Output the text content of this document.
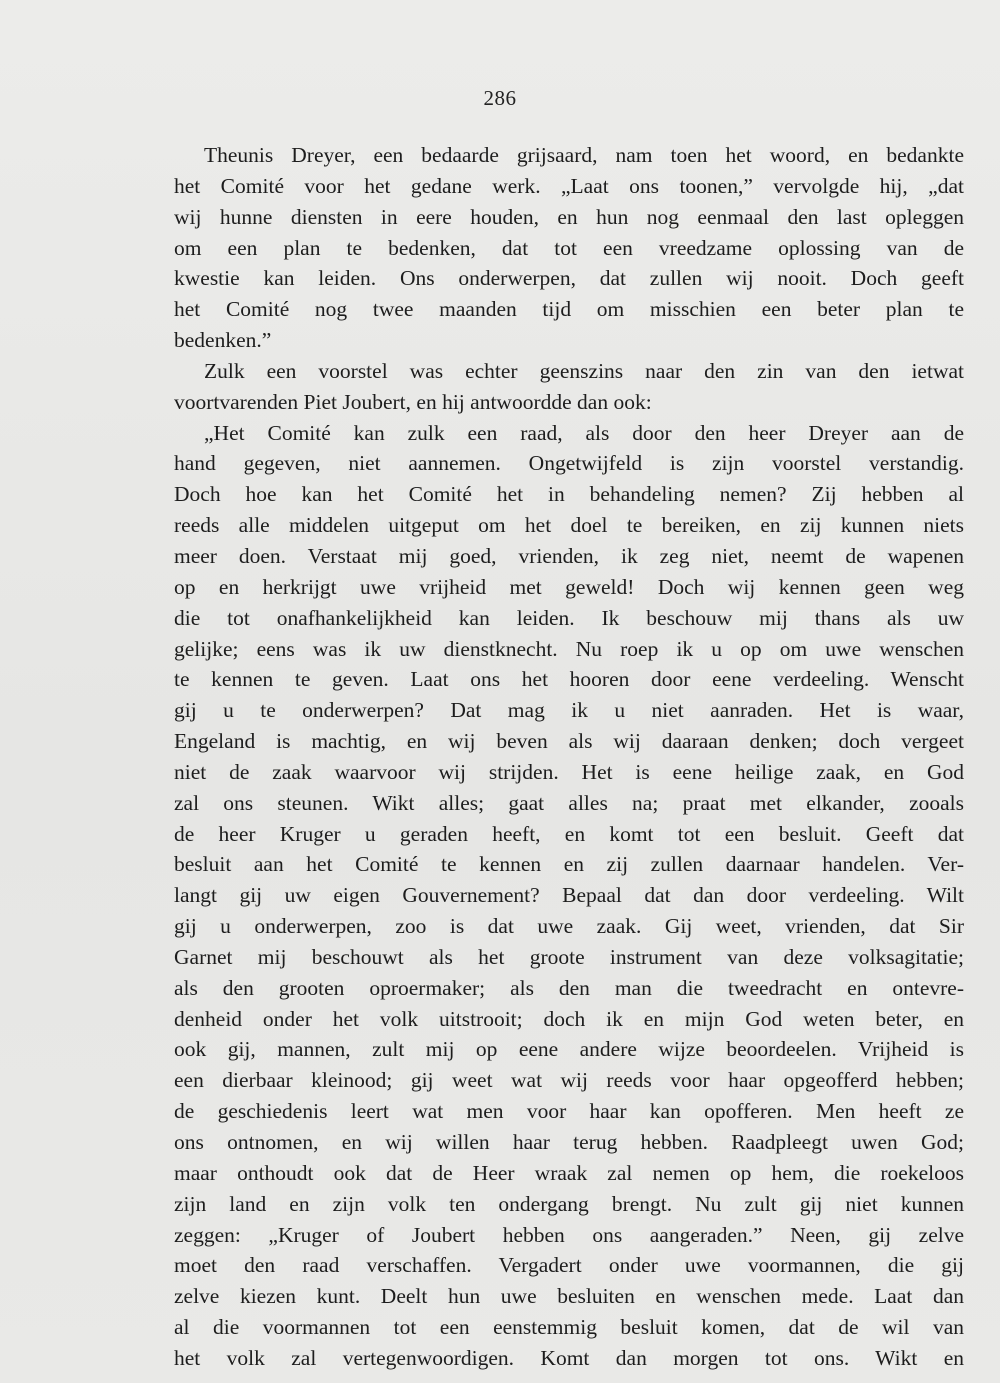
286
Theunis Dreyer, een bedaarde grijsaard, nam toen het woord, en bedankte
het Comité voor het gedane werk. „Laat ons toonen,” vervolgde hij, „dat
wij hunne diensten in eere houden, en hun nog eenmaal den last opleggen
om een plan te bedenken, dat tot een vreedzame oplossing van de
kwestie kan leiden. Ons onderwerpen, dat zullen wij nooit. Doch geeft
het Comité nog twee maanden tijd om misschien een beter plan te
bedenken.”
Zulk een voorstel was echter geenszins naar den zin van den ietwat
voortvarenden Piet Joubert, en hij antwoordde dan ook:
„Het Comité kan zulk een raad, als door den heer Dreyer aan de
hand gegeven, niet aannemen. Ongetwijfeld is zijn voorstel verstandig.
Doch hoe kan het Comité het in behandeling nemen? Zij hebben al
reeds alle middelen uitgeput om het doel te bereiken, en zij kunnen niets
meer doen. Verstaat mij goed, vrienden, ik zeg niet, neemt de wapenen
op en herkrijgt uwe vrijheid met geweld! Doch wij kennen geen weg
die tot onafhankelijkheid kan leiden. Ik beschouw mij thans als uw
gelijke; eens was ik uw dienstknecht. Nu roep ik u op om uwe wenschen
te kennen te geven. Laat ons het hooren door eene verdeeling. Wenscht
gij u te onderwerpen? Dat mag ik u niet aanraden. Het is waar,
Engeland is machtig, en wij beven als wij daaraan denken; doch vergeet
niet de zaak waarvoor wij strijden. Het is eene heilige zaak, en God
zal ons steunen. Wikt alles; gaat alles na; praat met elkander, zooals
de heer Kruger u geraden heeft, en komt tot een besluit. Geeft dat
besluit aan het Comité te kennen en zij zullen daarnaar handelen. Ver-
langt gij uw eigen Gouvernement? Bepaal dat dan door verdeeling. Wilt
gij u onderwerpen, zoo is dat uwe zaak. Gij weet, vrienden, dat Sir
Garnet mij beschouwt als het groote instrument van deze volksagitatie;
als den grooten oproermaker; als den man die tweedracht en ontevre-
denheid onder het volk uitstrooit; doch ik en mijn God weten beter, en
ook gij, mannen, zult mij op eene andere wijze beoordeelen. Vrijheid is
een dierbaar kleinood; gij weet wat wij reeds voor haar opgeofferd hebben;
de geschiedenis leert wat men voor haar kan opofferen. Men heeft ze
ons ontnomen, en wij willen haar terug hebben. Raadpleegt uwen God;
maar onthoudt ook dat de Heer wraak zal nemen op hem, die roekeloos
zijn land en zijn volk ten ondergang brengt. Nu zult gij niet kunnen
zeggen: „Kruger of Joubert hebben ons aangeraden.” Neen, gij zelve
moet den raad verschaffen. Vergadert onder uwe voormannen, die gij
zelve kiezen kunt. Deelt hun uwe besluiten en wenschen mede. Laat dan
al die voormannen tot een eenstemmig besluit komen, dat de wil van
het volk zal vertegenwoordigen. Komt dan morgen tot ons. Wikt en
